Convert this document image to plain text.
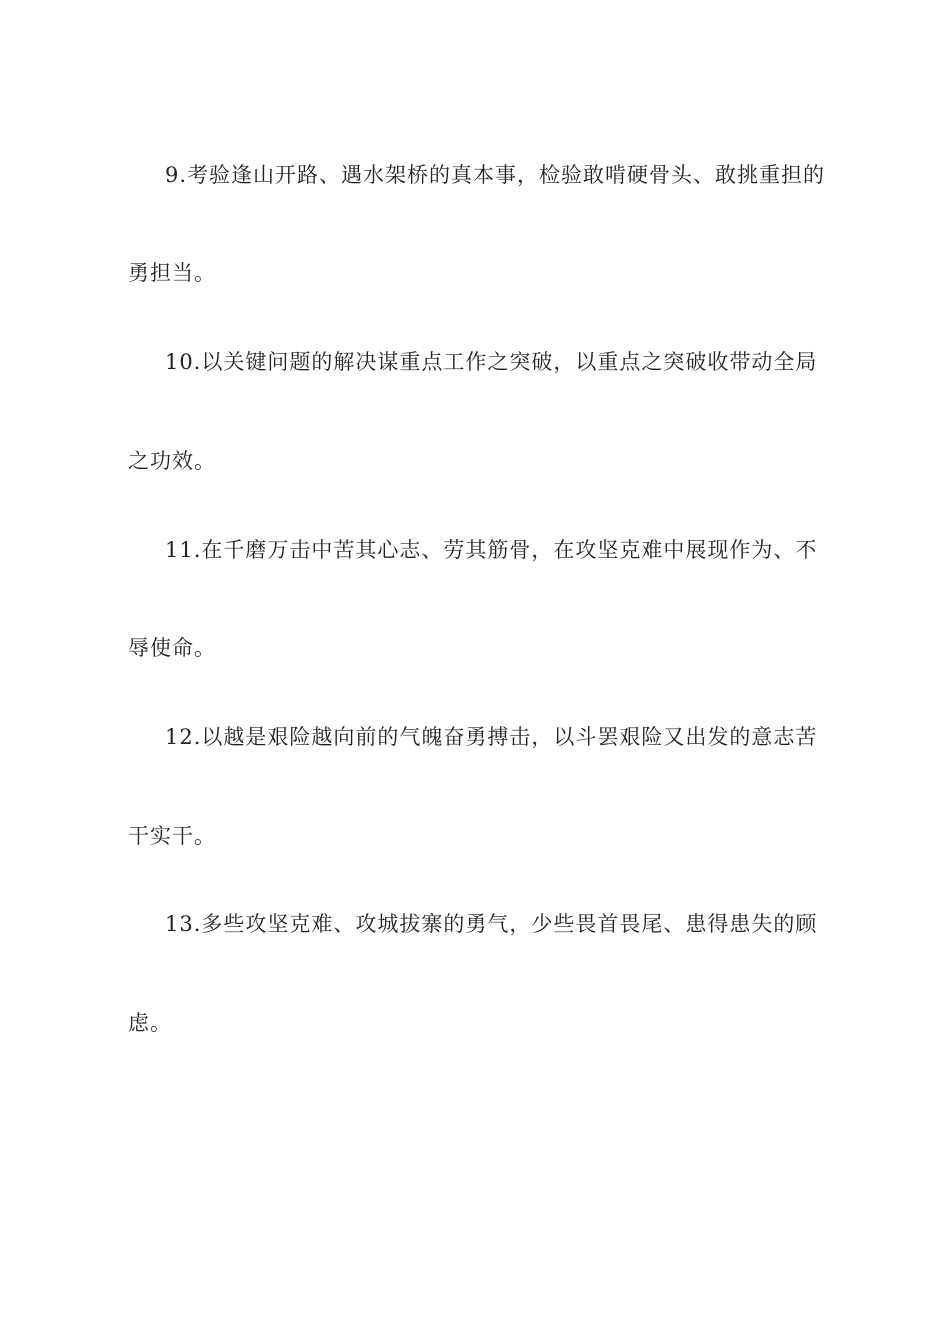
9.考验逢山开路、遇水架桥的真本事，检验敢啃硬骨头、敢挑重担的
勇担当。
10.以关键问题的解决谋重点工作之突破，以重点之突破收带动全局
之功效。
11.在千磨万击中苦其心志、劳其筋骨，在攻坚克难中展现作为、不
辱使命。
12.以越是艰险越向前的气魄奋勇搏击，以斗罢艰险又出发的意志苦
干实干。
13.多些攻坚克难、攻城拔寨的勇气，少些畏首畏尾、患得患失的顾
虑。
